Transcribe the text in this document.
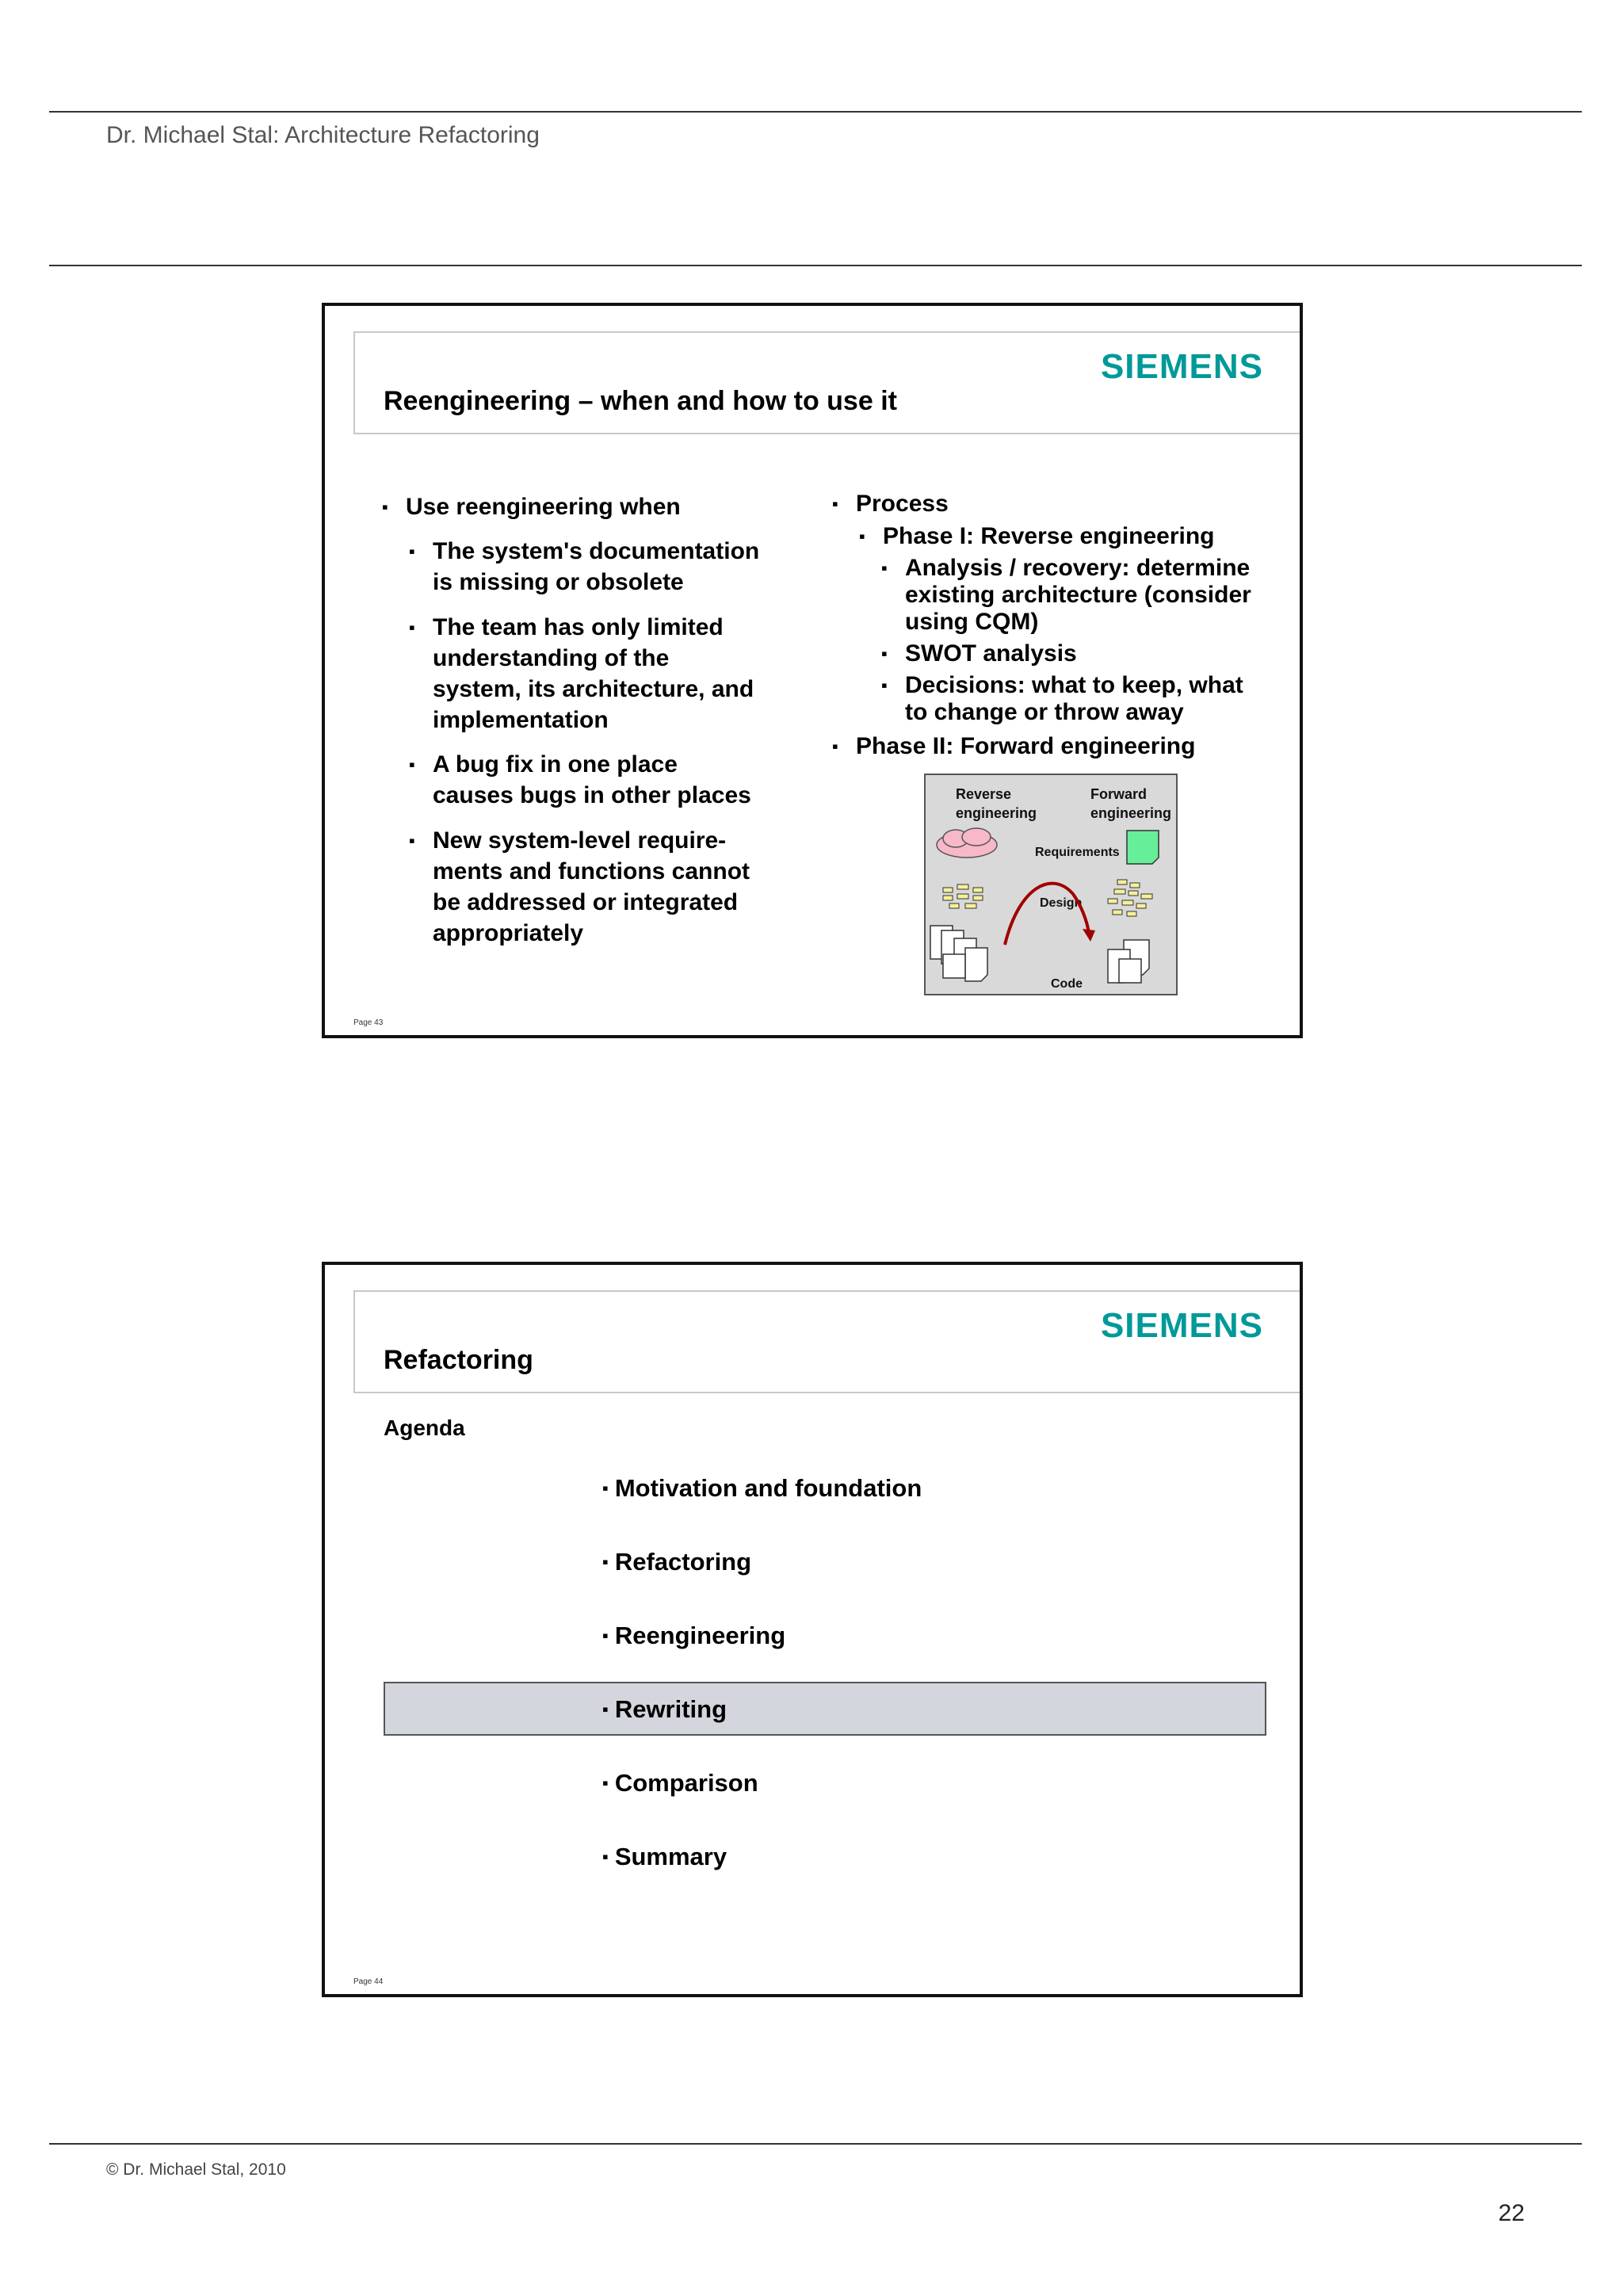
Dr. Michael Stal: Architecture Refactoring
Reengineering – when and how to use it
SIEMENS
▪ Use reengineering when
▪ The system's documentation
is missing or obsolete
▪ The team has only limited
understanding of the
system, its architecture, and
implementation
▪ A bug fix in one place
causes bugs in other places
▪ New system-level require-
ments and functions cannot
be addressed or integrated
appropriately
▪ Process
▪ Phase I: Reverse engineering
▪ Analysis / recovery: determine
existing architecture (consider
using CQM)
▪ SWOT analysis
▪ Decisions: what to keep, what
to change or throw away
▪ Phase II: Forward engineering
Reverse
engineering
Forward
engineering
Requirements
Design
Code
Page 43
Refactoring
SIEMENS
Agenda
▪ Motivation and foundation
▪ Refactoring
▪ Reengineering
▪ Rewriting
▪ Comparison
▪ Summary
Page 44
© Dr. Michael Stal, 2010
22
